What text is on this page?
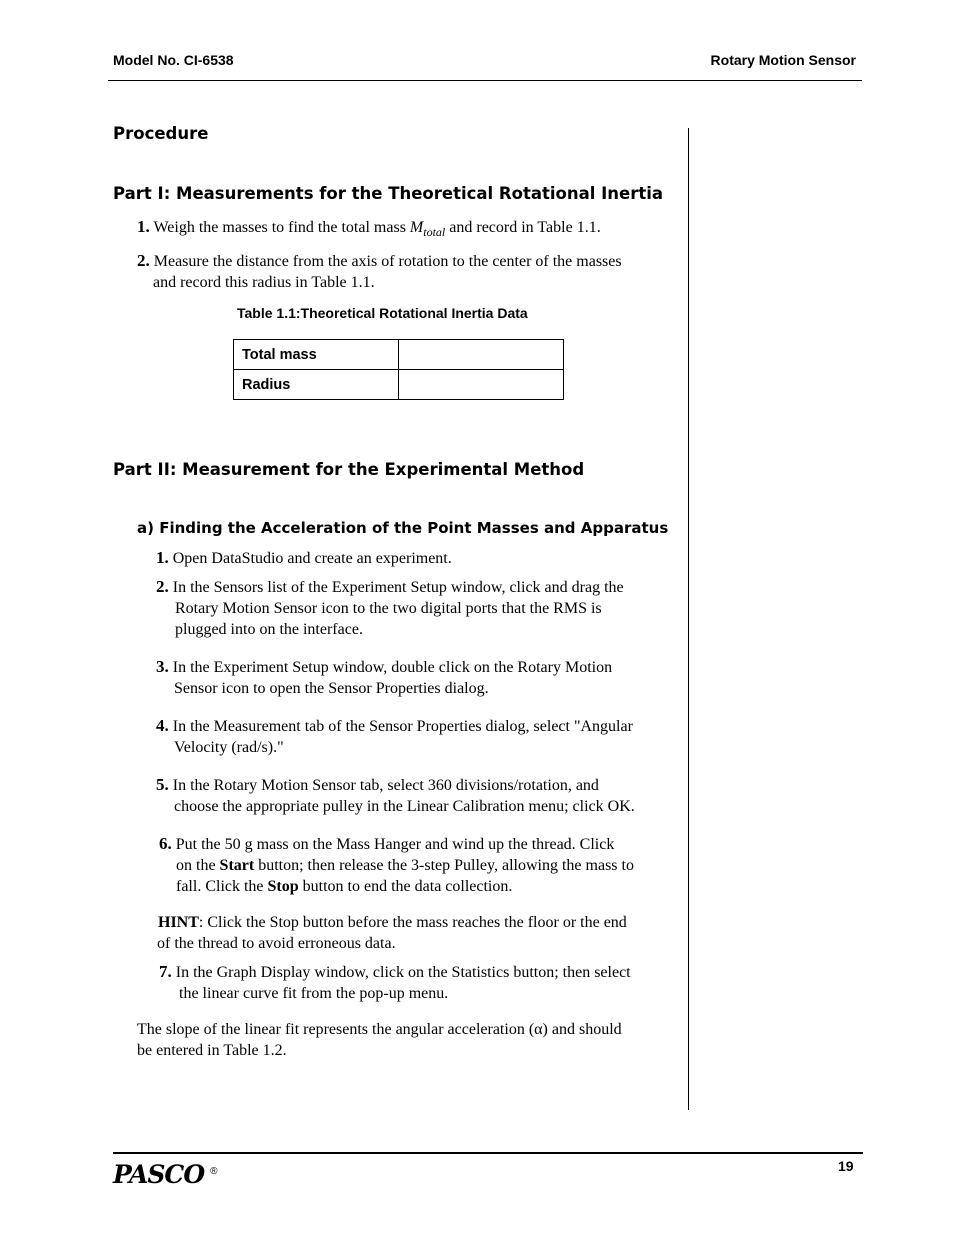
Model No. CI-6538	Rotary Motion Sensor
Procedure
Part I: Measurements for the Theoretical Rotational Inertia
1. Weigh the masses to find the total mass $M_{total}$ and record in Table 1.1.
2. Measure the distance from the axis of rotation to the center of the masses
and record this radius in Table 1.1.
Table 1.1:Theoretical Rotational Inertia Data
Total mass	
Radius	
Part II: Measurement for the Experimental Method
a) Finding the Acceleration of the Point Masses and Apparatus
1. Open DataStudio and create an experiment.
2. In the Sensors list of the Experiment Setup window, click and drag the
Rotary Motion Sensor icon to the two digital ports that the RMS is
plugged into on the interface.
3. In the Experiment Setup window, double click on the Rotary Motion
Sensor icon to open the Sensor Properties dialog.
4. In the Measurement tab of the Sensor Properties dialog, select "Angular
Velocity (rad/s)."
5. In the Rotary Motion Sensor tab, select 360 divisions/rotation, and
choose the appropriate pulley in the Linear Calibration menu; click OK.
6. Put the 50 g mass on the Mass Hanger and wind up the thread. Click
on the Start button; then release the 3-step Pulley, allowing the mass to
fall. Click the Stop button to end the data collection.
HINT: Click the Stop button before the mass reaches the floor or the end
of the thread to avoid erroneous data.
7. In the Graph Display window, click on the Statistics button; then select
the linear curve fit from the pop-up menu.
The slope of the linear fit represents the angular acceleration (α) and should
be entered in Table 1.2.
PASCO ®	19
